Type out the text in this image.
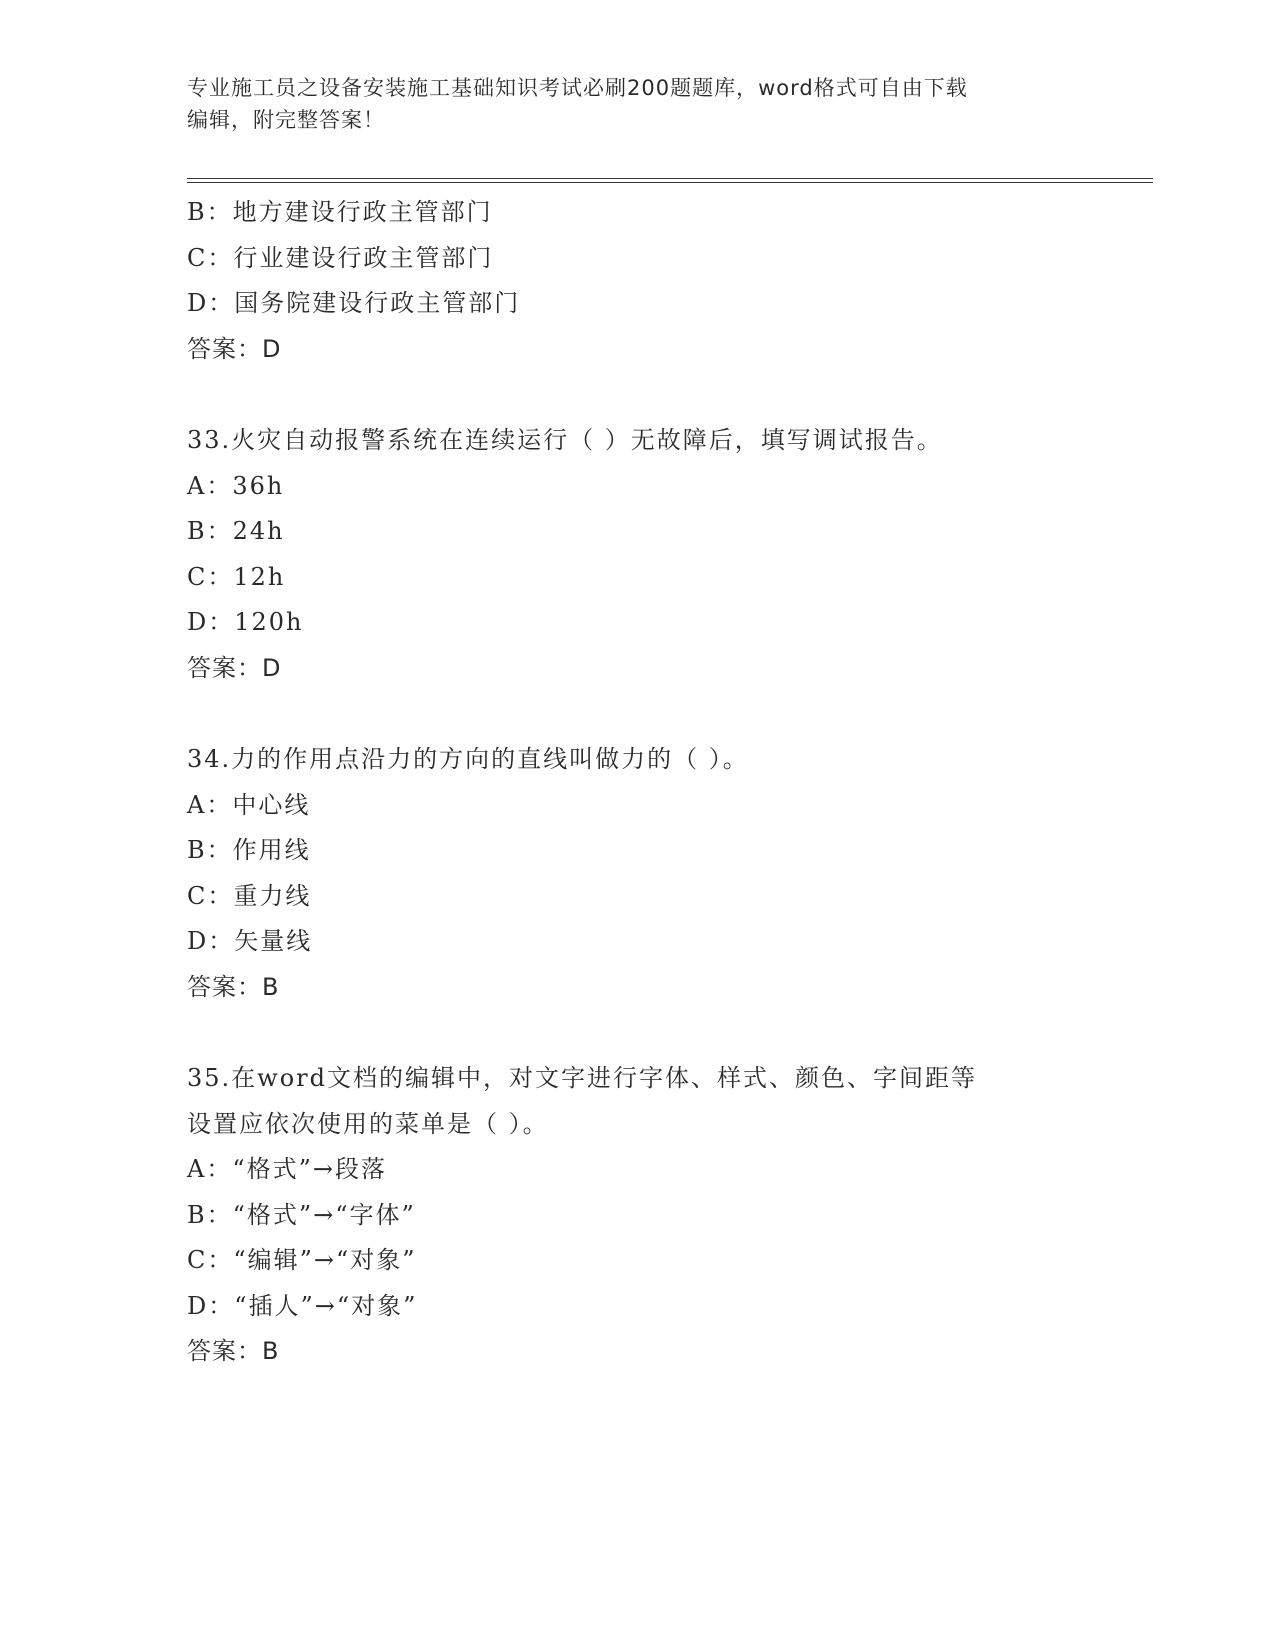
专业施工员之设备安装施工基础知识考试必刷200题题库，word格式可自由下载
编辑，附完整答案！
B：地方建设行政主管部门
C：行业建设行政主管部门
D：国务院建设行政主管部门
答案：D
33.火灾自动报警系统在连续运行（ ）无故障后，填写调试报告。
A：36h
B：24h
C：12h
D：120h
答案：D
34.力的作用点沿力的方向的直线叫做力的（ ）。
A：中心线
B：作用线
C：重力线
D：矢量线
答案：B
35.在word文档的编辑中，对文字进行字体、样式、颜色、字间距等
设置应依次使用的菜单是（ ）。
A：“格式”→段落
B：“格式”→“字体”
C：“编辑”→“对象”
D：“插人”→“对象”
答案：B
